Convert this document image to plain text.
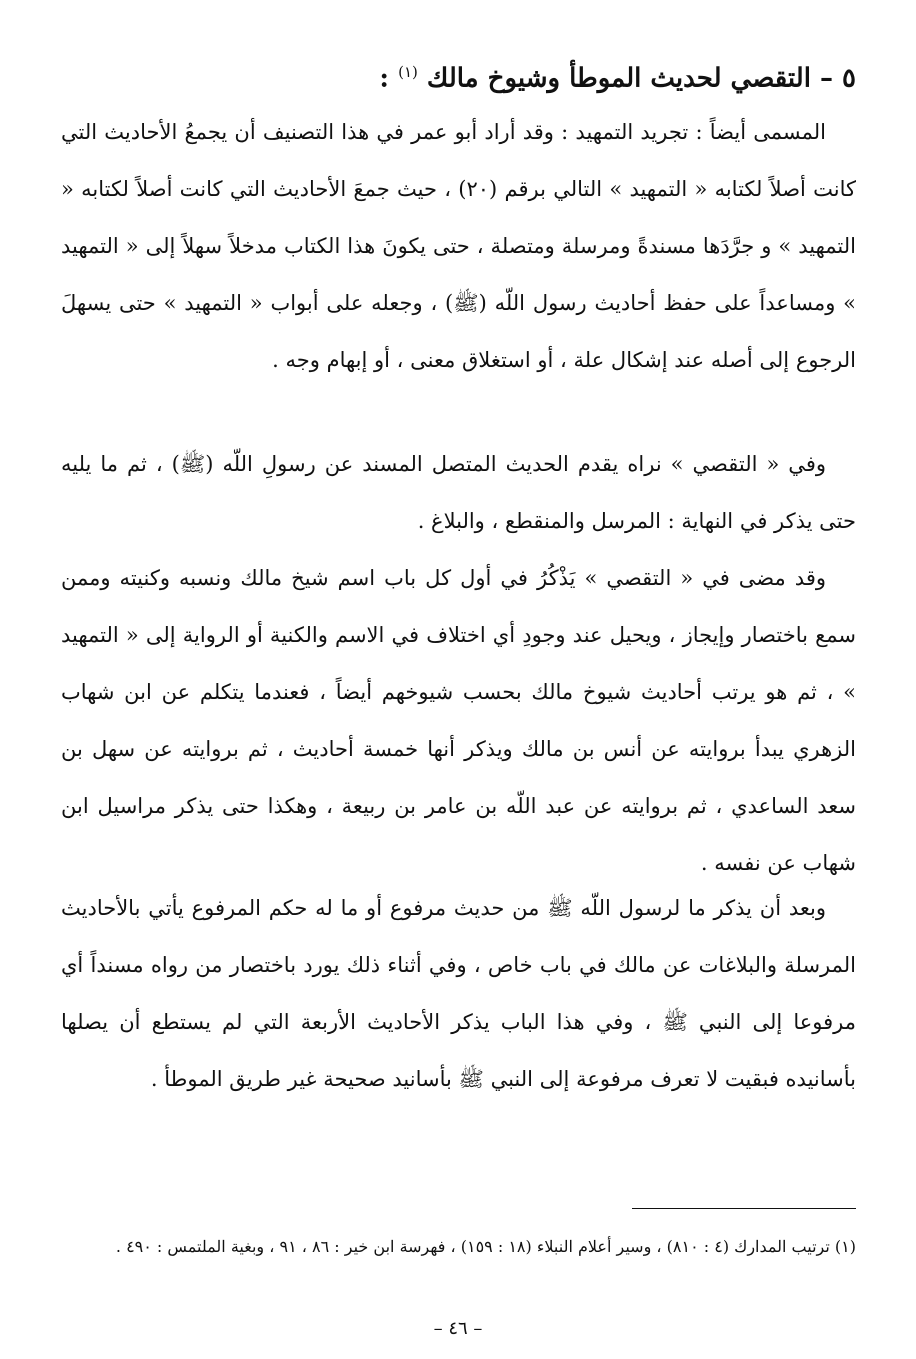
٥ – التقصي لحديث الموطأ وشيوخ مالك $^{(١)}$ :

المسمى أيضاً : تجريد التمهيد : وقد أراد أبو عمر في هذا التصنيف أن يجمعُ الأحاديث التي كانت أصلاً لكتابه « التمهيد » التالي برقم (٢٠) ، حيث جمعَ الأحاديث التي كانت أصلاً لكتابه « التمهيد » و جرَّدَها مسندةً ومرسلة ومتصلة ، حتى يكونَ هذا الكتاب مدخلاً سهلاً إلى « التمهيد » ومساعداً على حفظ أحاديث رسول اللّه (ﷺ) ، وجعله على أبواب « التمهيد » حتى يسهلَ الرجوع إلى أصله عند إشكال علة ، أو استغلاق معنى ، أو إبهام وجه .

وفي « التقصي » نراه يقدم الحديث المتصل المسند عن رسولِ اللّه (ﷺ) ، ثم ما يليه حتى يذكر في النهاية : المرسل والمنقطع ، والبلاغ .

وقد مضى في « التقصي » يَذْكُرُ في أول كل باب اسم شيخ مالك ونسبه وكنيته وممن سمع باختصار وإيجاز ، ويحيل عند وجودِ أي اختلاف في الاسم والكنية أو الرواية إلى « التمهيد » ، ثم هو يرتب أحاديث شيوخ مالك بحسب شيوخهم أيضاً ، فعندما يتكلم عن ابن شهاب الزهري يبدأ بروايته عن أنس بن مالك ويذكر أنها خمسة أحاديث ، ثم بروايته عن سهل بن سعد الساعدي ، ثم بروايته عن عبد اللّه بن عامر بن ربيعة ، وهكذا حتى يذكر مراسيل ابن شهاب عن نفسه .

وبعد أن يذكر ما لرسول اللّه ﷺ من حديث مرفوع أو ما له حكم المرفوع يأتي بالأحاديث المرسلة والبلاغات عن مالك في باب خاص ، وفي أثناء ذلك يورد باختصار من رواه مسنداً أي مرفوعا إلى النبي ﷺ ، وفي هذا الباب يذكر الأحاديث الأربعة التي لم يستطع أن يصلها بأسانيده فبقيت لا تعرف مرفوعة إلى النبي ﷺ بأسانيد صحيحة غير طريق الموطأ .

(١) ترتيب المدارك (٤ : ٨١٠) ، وسير أعلام النبلاء (١٨ : ١٥٩) ، فهرسة ابن خير : ٨٦ ، ٩١ ، وبغية الملتمس : ٤٩٠ .

– ٤٦ –
